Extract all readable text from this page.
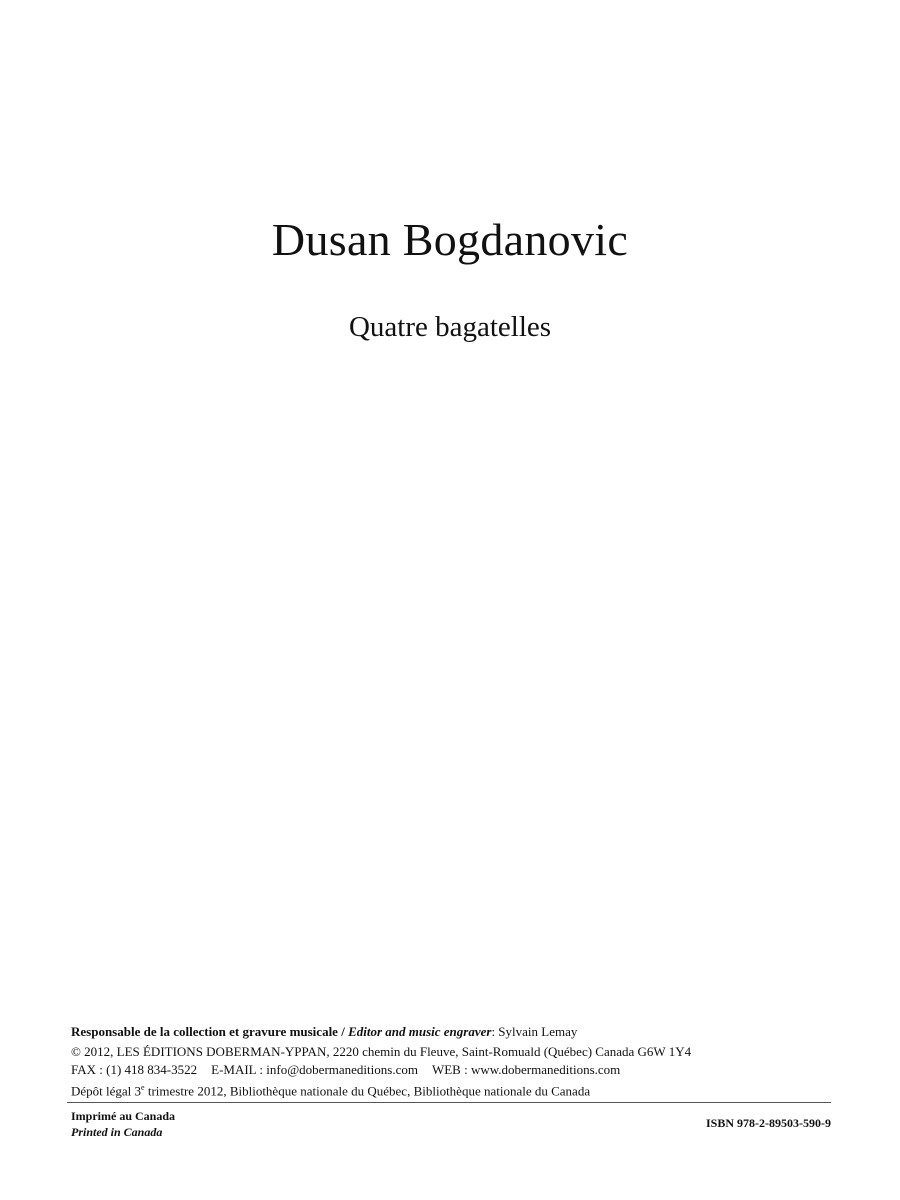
Dusan Bogdanovic
Quatre bagatelles
Responsable de la collection et gravure musicale / Editor and music engraver: Sylvain Lemay
© 2012, LES ÉDITIONS DOBERMAN-YPPAN, 2220 chemin du Fleuve, Saint-Romuald (Québec) Canada G6W 1Y4
FAX : (1) 418 834-3522 E-MAIL : info@dobermaneditions.com WEB : www.dobermaneditions.com
Dépôt légal 3e trimestre 2012, Bibliothèque nationale du Québec, Bibliothèque nationale du Canada
Imprimé au Canada
Printed in Canada
ISBN 978-2-89503-590-9
